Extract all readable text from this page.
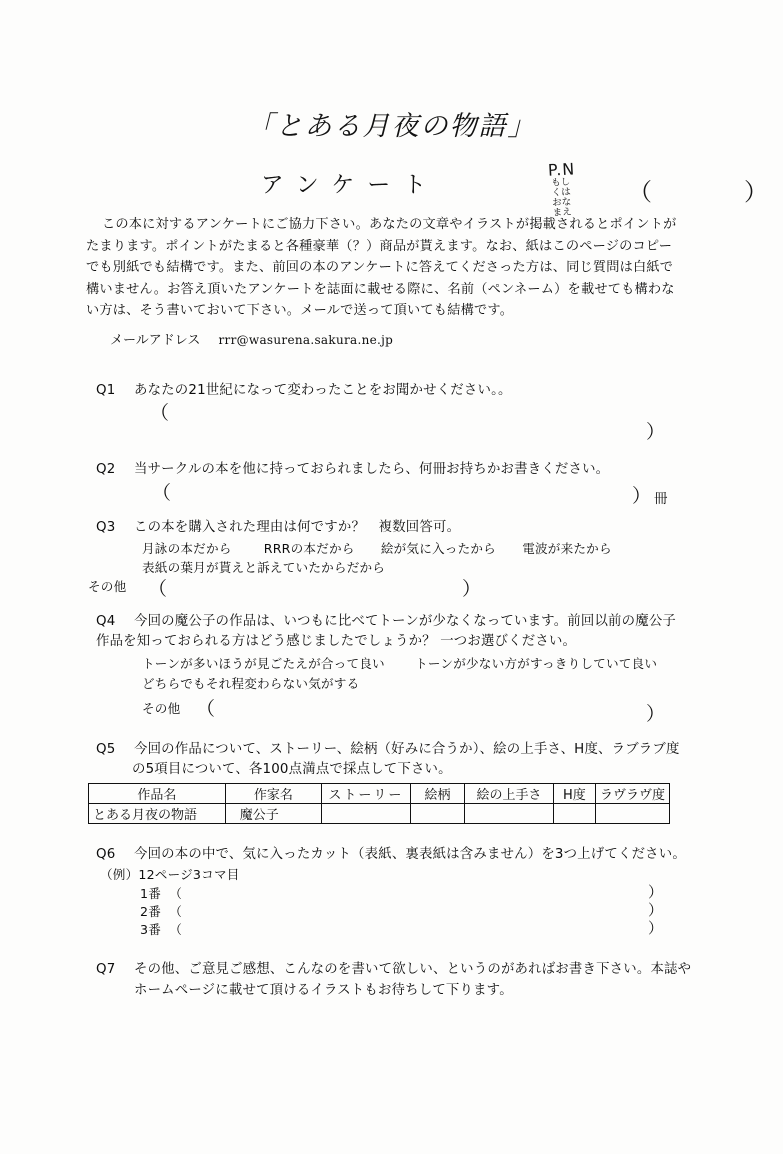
「とある月夜の物語」
アンケート
P.N
もしくは
おなまえ
（	）

この本に対するアンケートにご協力下さい。あなたの文章やイラストが掲載されるとポイントが

たまります。ポイントがたまると各種豪華（？）商品が貰えます。なお、紙はこのページのコピー

でも別紙でも結構です。また、前回の本のアンケートに答えてくださった方は、同じ質問は白紙で

構いません。お答え頂いたアンケートを誌面に載せる際に、名前（ペンネーム）を載せても構わな

い方は、そう書いておいて下さい。メールで送って頂いても結構です。

メールアドレス rrr@wasurena.sakura.ne.jp
Q1 あなたの21世紀になって変わったことをお聞かせください。。
（
）
Q2 当サークルの本を他に持っておられましたら、何冊お持ちかお書きください。
（	） 冊
Q3 この本を購入された理由は何ですか？　複数回答可。
月詠の本だから	RRRの本だから 絵が気に入ったから 電波が来たから
表紙の葉月が貰えと訴えていたからだから
その他 （	）
Q4 今回の魔公子の作品は、いつもに比べてトーンが少なくなっています。前回以前の魔公子
作品を知っておられる方はどう感じましたでしょうか？ 一つお選びください。
トーンが多いほうが見ごたえが合って良い トーンが少ない方がすっきりしていて良い
どちらでもそれ程変わらない気がする
その他 （	）
Q5 今回の作品について、ストーリー、絵柄（好みに合うか）、絵の上手さ、H度、ラブラブ度
の5項目について、各100点満点で採点して下さい。
作品名	作家名	ストーリー	絵柄	絵の上手さ	H度	ラヴラヴ度
とある月夜の物語	魔公子					
Q6 今回の本の中で、気に入ったカット（表紙、裏表紙は含みません）を3つ上げてください。
（例）12ページ3コマ目
1番 （	）
2番 （	）
3番 （	）
Q7 その他、ご意見ご感想、こんなのを書いて欲しい、というのがあればお書き下さい。本誌や
ホームページに載せて頂けるイラストもお待ちして下ります。
